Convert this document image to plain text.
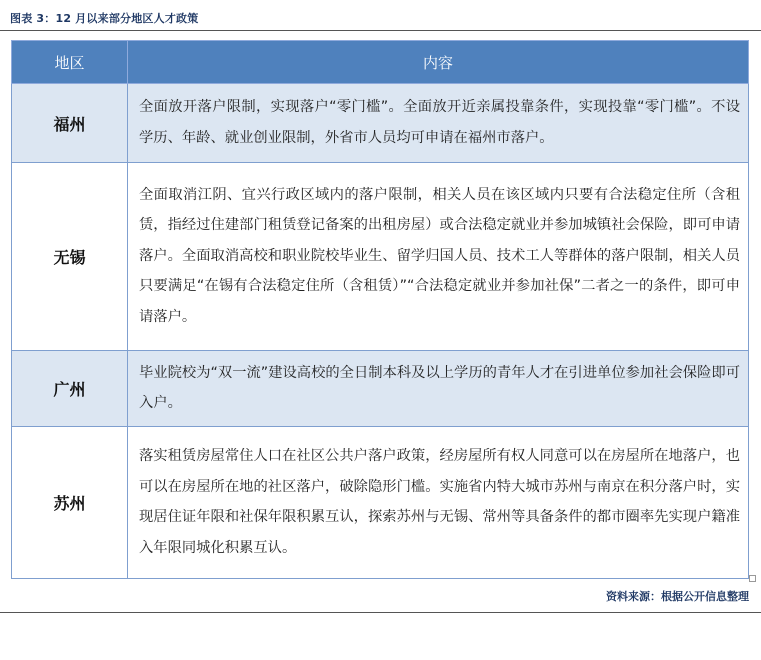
图表 3：12 月以来部分地区人才政策
地区	内容
福州	全面放开落户限制，实现落户“零门槛”。全面放开近亲属投靠条件，实现投靠“零门槛”。不设学历、年龄、就业创业限制，外省市人员均可申请在福州市落户。
无锡	全面取消江阴、宜兴行政区域内的落户限制，相关人员在该区域内只要有合法稳定住所（含租赁，指经过住建部门租赁登记备案的出租房屋）或合法稳定就业并参加城镇社会保险，即可申请落户。全面取消高校和职业院校毕业生、留学归国人员、技术工人等群体的落户限制，相关人员只要满足“在锡有合法稳定住所（含租赁）”“合法稳定就业并参加社保”二者之一的条件，即可申请落户。
广州	毕业院校为“双一流”建设高校的全日制本科及以上学历的青年人才在引进单位参加社会保险即可入户。
苏州	落实租赁房屋常住人口在社区公共户落户政策，经房屋所有权人同意可以在房屋所在地落户，也可以在房屋所在地的社区落户，破除隐形门槛。实施省内特大城市苏州与南京在积分落户时，实现居住证年限和社保年限积累互认，探索苏州与无锡、常州等具备条件的都市圈率先实现户籍准入年限同城化积累互认。
资料来源：根据公开信息整理
